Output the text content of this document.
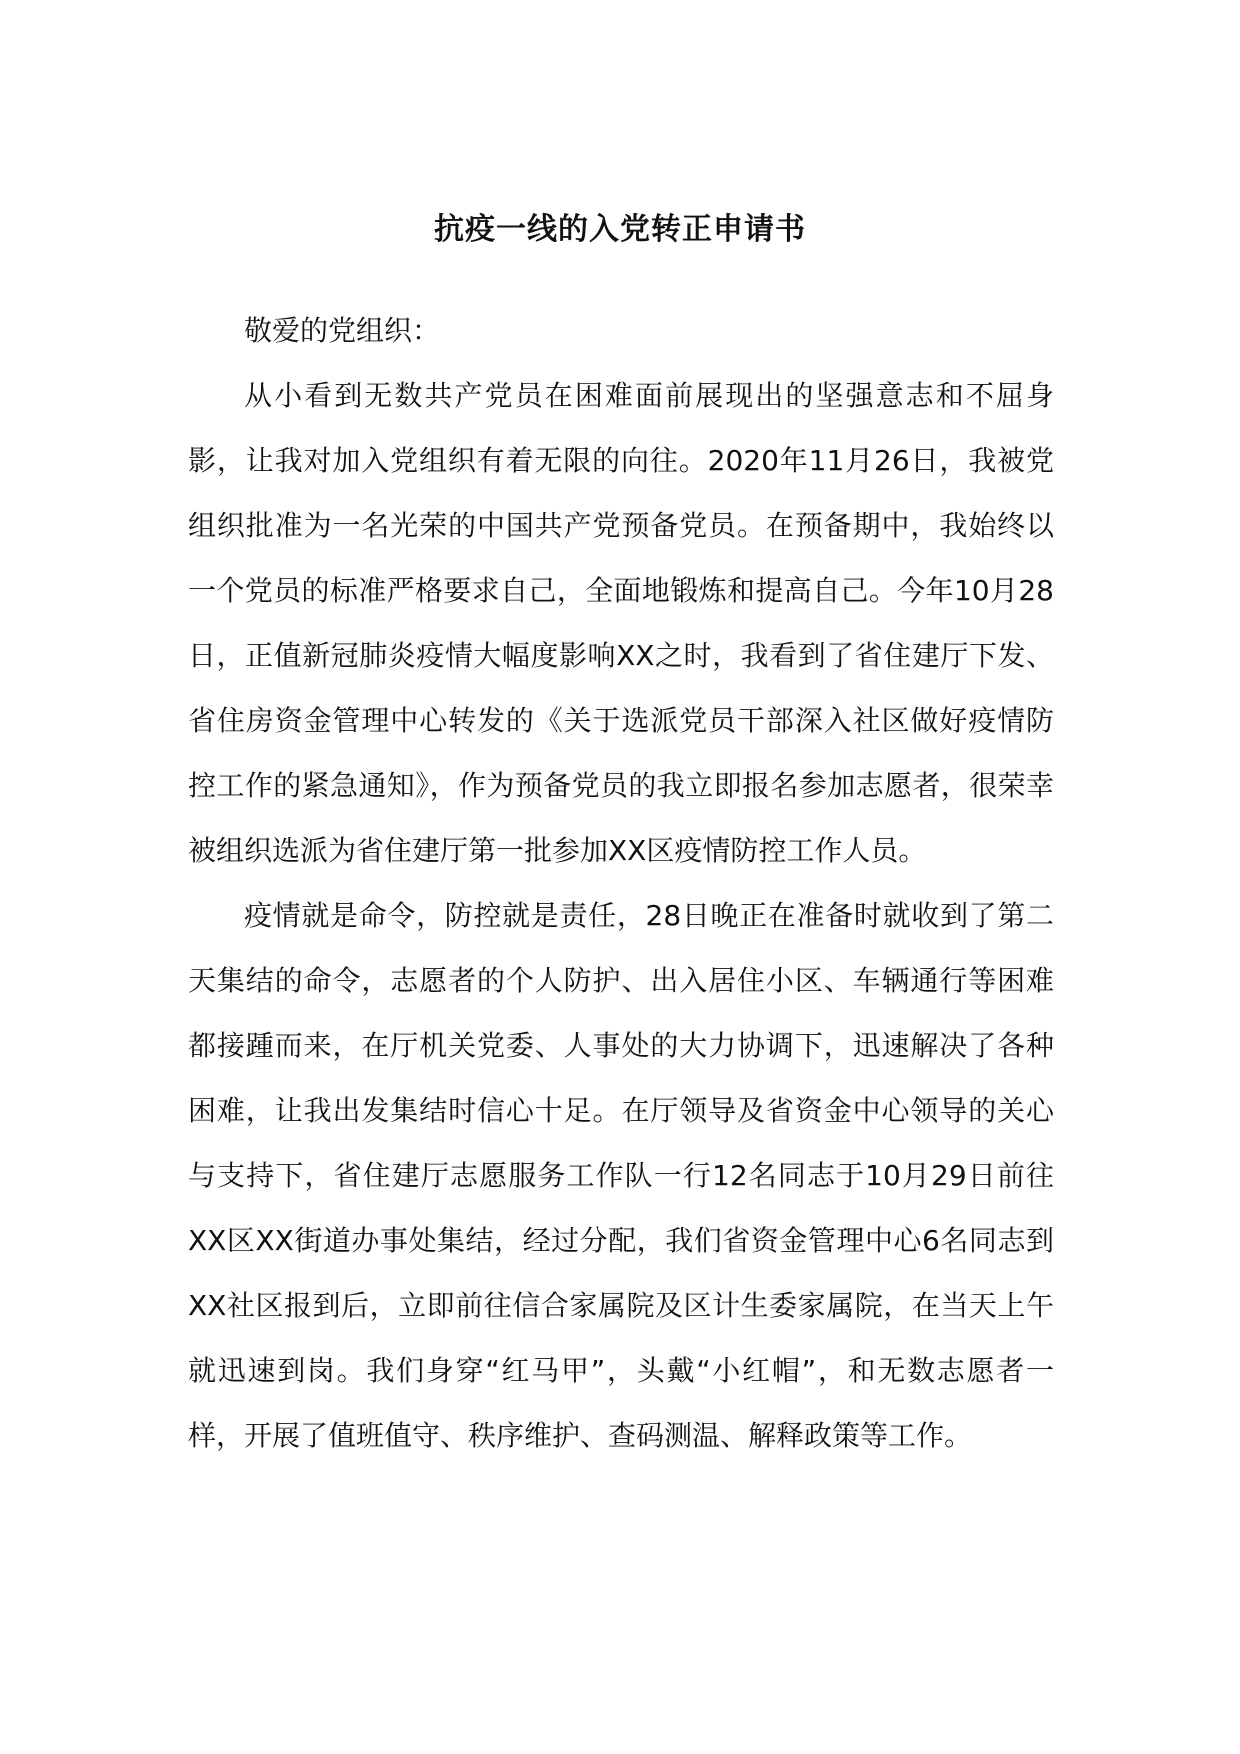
抗疫一线的入党转正申请书

敬爱的党组织：

从小看到无数共产党员在困难面前展现出的坚强意志和不屈身影，让我对加入党组织有着无限的向往。2020年11月26日，我被党组织批准为一名光荣的中国共产党预备党员。在预备期中，我始终以一个党员的标准严格要求自己，全面地锻炼和提高自己。今年10月28日，正值新冠肺炎疫情大幅度影响XX之时，我看到了省住建厅下发、省住房资金管理中心转发的《关于选派党员干部深入社区做好疫情防控工作的紧急通知》，作为预备党员的我立即报名参加志愿者，很荣幸被组织选派为省住建厅第一批参加XX区疫情防控工作人员。

疫情就是命令，防控就是责任，28日晚正在准备时就收到了第二天集结的命令，志愿者的个人防护、出入居住小区、车辆通行等困难都接踵而来，在厅机关党委、人事处的大力协调下，迅速解决了各种困难，让我出发集结时信心十足。在厅领导及省资金中心领导的关心与支持下，省住建厅志愿服务工作队一行12名同志于10月29日前往XX区XX街道办事处集结，经过分配，我们省资金管理中心6名同志到XX社区报到后，立即前往信合家属院及区计生委家属院，在当天上午就迅速到岗。我们身穿“红马甲”，头戴“小红帽”，和无数志愿者一样，开展了值班值守、秩序维护、查码测温、解释政策等工作。
